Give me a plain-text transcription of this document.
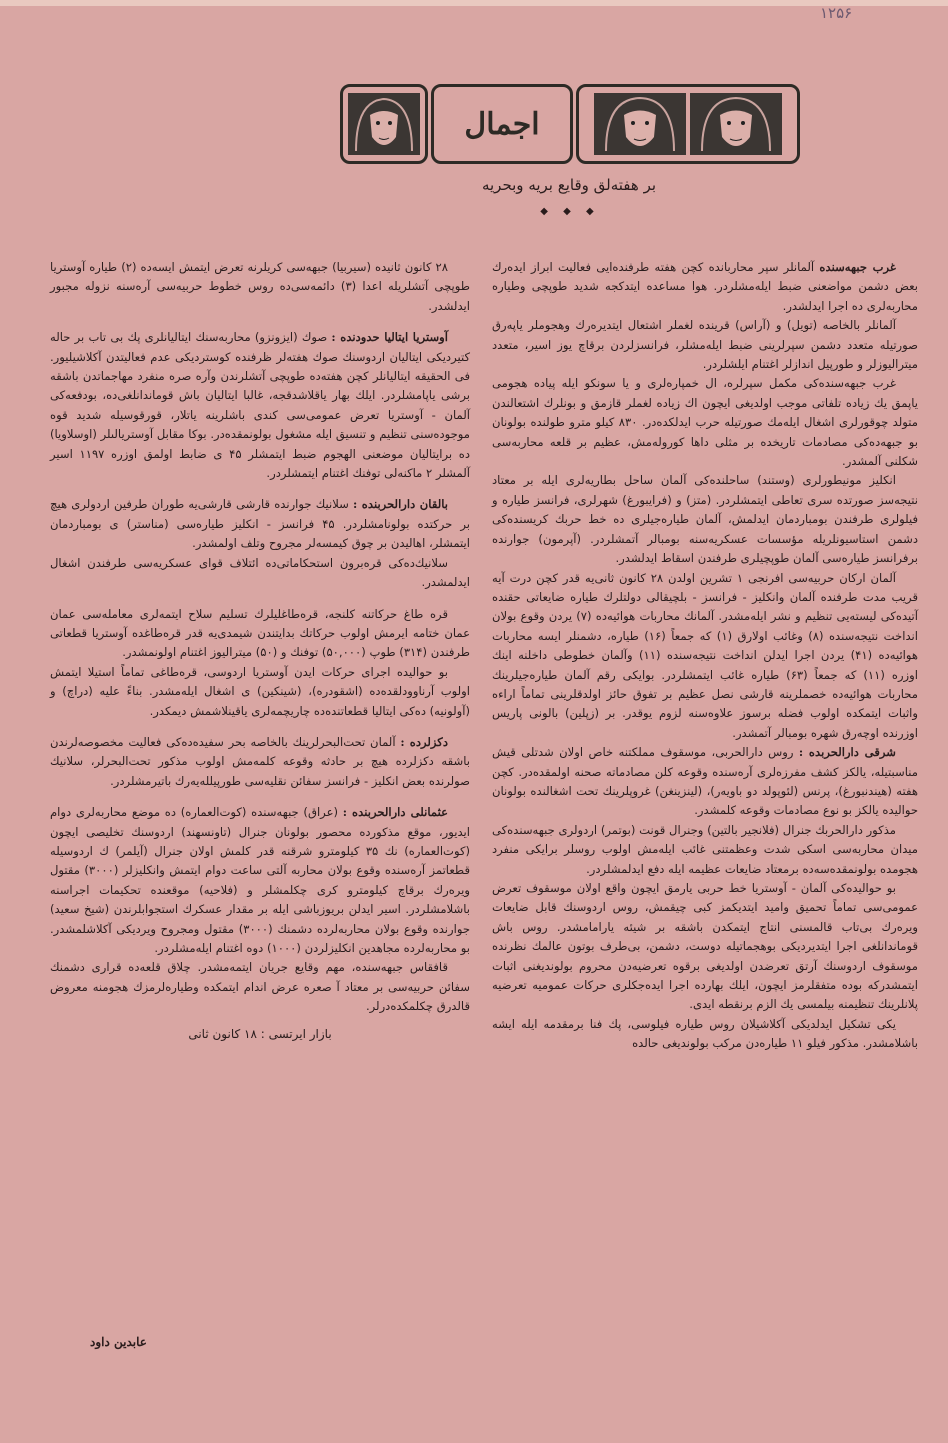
۱۲۵۶
اجمال
بر هفته‌لق وقايع بريه وبحريه
◆ ◆ ◆

غرب جبهه‌سنده آلمانلر سپر محاربانده كچن هفته طرفنده‌ايى فعاليت ابراز ايده‌رك بعض دشمن مواضعنى ضبط ايله‌مشلردر. هوا مساعده ايتدكجه شديد طوپچى وطياره محاربه‌لرى ده اجرا ايدلشدر.

آلمانلر بالخاصه (تويل) و (آراس) قرينده لغملر اشتعال ايتديره‌رك وهجوملر ياپه‌رق صورتيله متعدد دشمن سپرلرينى ضبط ايله‌مشلر، فرانسزلردن برقاچ يوز اسير، متعدد ميتراليوزلر و طورپيل اندازلر اغتنام ايلشلردر.

غرب جبهه‌سنده‌كى مكمل سپرلره، ال خمپاره‌لرى و يا سونكو ايله پياده هجومى ياپمق يك زياده تلفاتى موجب اولديغى ايچون اك زياده لغملر قازمق و بونلرك اشتعالندن متولد چوقورلرى اشغال ايله‌مك صورتيله حرب ايدلكده‌در. ۸۳۰ كيلو مترو طولنده بولونان بو جبهه‌ده‌كى مصادمات تاريخده بر مثلى داها كوروله‌مش، عظيم بر قلعه محاربه‌سى شكلنى آلمشدر.

انكليز مونيطورلرى (وستند) ساحلنده‌كى آلمان ساحل بطاريه‌لرى ايله بر معتاد نتيجه‌سز صورتده سرى تعاطى ايتمشلردر. (متز) و (فرايبورغ) شهرلرى، فرانسز طياره و فيلولرى طرفندن بومباردمان ايدلمش، آلمان طياره‌جيلرى ده خط حربك كريسنده‌كى دشمن استاسيونلريله مؤسسات عسكريه‌سنه بومبالر آتمشلردر. (آپرمون) جوارنده برفرانسز طياره‌سى آلمان طوپچيلرى طرفندن اسقاط ايدلشدر.

آلمان اركان حربيه‌سى افرنجى ۱ تشرين اولدن ۲۸ كانون ثانى‌يه قدر كچن درت آيه قريب مدت طرفنده آلمان وانكليز - فرانسز - بلچيقالى دولتلرك طياره ضايعاتى حقنده آتيده‌كى ليسته‌يى تنظيم و نشر ايله‌مشدر. آلمانك محاربات هوائيه‌ده (۷) يردن وقوع بولان انداخت نتيجه‌سنده (۸) وغائب اولارق (۱) كه جمعاً (۱۶) طياره، دشمنلر ايسه محاربات هوائيه‌ده (۴۱) يردن اجرا ايدلن انداخت نتيجه‌سنده (۱۱) وآلمان خطوطى داخلنه اينك اوزره (۱۱) كه جمعاً (۶۳) طياره غائب ايتمشلردر. بوايكى رقم آلمان طياره‌جيلرينك محاربات هوائيه‌ده خصملرينه قارشى نصل عظيم بر تفوق حائز اولدقلرينى تماماً اراءه واثبات ايتمكده اولوب فضله برسوز علاوه‌سنه لزوم يوقدر. بر (زپلين) بالونى پاريس اوزرنده اوچه‌رق شهره بومبالر آتمشدر.

شرقى دارالحربده : روس دارالحربى، موسقوف مملكتنه خاص اولان شدتلى قيش مناسبتيله، يالكز كشف مفرزه‌لرى آره‌سنده وقوعه كلن مصادماته صحنه اولمقده‌در. كچن هفته (هيندنبورغ)، پرنس (لئوپولد دو باويه‌ر)، (لينزينغن) غروپلرينك تحت اشغالنده بولونان حواليده يالكز بو نوع مصادمات وقوعه كلمشدر.

مذكور دارالحربك جنرال (فلانجير بالتين) وجنرال قونت (بوتمر) اردولرى جبهه‌سنده‌كى ميدان محاربه‌سى اسكى شدت وعظمتنى غائب ايله‌مش اولوب روسلر برايكى منفرد هجومده بولونمقده‌سه‌ده برمعتاد ضايعات عظيمه ايله دفع ايدلمشلردر.

بو حواليده‌كى آلمان - آوستريا خط حربى يارمق ايچون واقع اولان موسقوف تعرض عمومى‌سى تماماً تحميق واميد ايتديكمز كبى چيقمش، روس اردوسنك قابل ضايعات ويره‌رك بى‌تاب قالمسنى انتاج ايتمكدن باشقه بر شيئه يارامامشدر. روس باش قوماندانلغى اجرا ايتديرديكى بوهجماتيله دوست، دشمن، بى‌طرف بوتون عالمك نظرنده موسقوف اردوسنك آرتق تعرضدن اولديغى برقوه تعرضيه‌دن محروم بولونديغنى اثبات ايتمشدركه بوده متفقلرمز ايچون، ايلك بهارده اجرا ايده‌جكلرى حركات عموميه تعرضيه پلانلرينك تنظيمنه بيلمسى يك الزم برنقطه ايدى.

يكى تشكيل ايدلديكى آكلاشيلان روس طياره فيلوسى، پك فنا برمقدمه ايله ايشه باشلامشدر. مذكور فيلو ۱۱ طياره‌دن مركب بولونديغى حالده

۲۸ كانون ثانيده (سيربيا) جبهه‌سى كريلرنه تعرض ايتمش ايسه‌ده (۲) طياره آوستريا طوپچى آتشلريله اعدا (۳) دائمه‌سى‌ده روس خطوط حربيه‌سى آره‌سنه نزوله مجبور ايدلشدر.

آوستريا ايتاليا حدودنده : صوك (ايزونزو) محاربه‌سنك ايتاليانلرى پك بى تاب بر حاله كتيرديكى ايتاليان اردوسنك صوك هفته‌لر ظرفنده كوسترديكى عدم فعاليتدن آكلاشيليور. فى الحقيقه ايتاليانلر كچن هفته‌ده طوپچى آتشلرندن وآره صره منفرد مهاجماتدن باشقه برشى ياپامشلردر. ايلك بهار ياقلاشدقجه، غالبا ايتاليان باش قوماندانلغى‌ده، بودفعه‌كى آلمان - آوستريا تعرض عمومى‌سى كندى باشلرينه ياتلار، قورقوسيله شديد قوه موجوده‌سنى تنظيم و تنسيق ايله مشغول بولونمقده‌در. بوكا مقابل آوستريالىلر (اوسلاويا) ده برايتاليان موضعنى الهجوم ضبط ايتمشلر ۴۵ ى ضابط اولمق اوزره ۱۱۹۷ اسير آلمشلر ۲ ماكنه‌لى توفنك اغتنام ايتمشلردر.

بالقان دارالحربنده : سلانيك جوارنده قارشى قارشى‌يه طوران طرفين اردولرى هيچ بر حركتده بولونامشلردر. ۴۵ فرانسز - انكليز طياره‌سى (مناستر) ى بومباردمان ايتمشلر، اهاليدن بر چوق كيمسه‌لر مجروح وتلف اولمشدر.

سلانيك‌ده‌كى قره‌برون استحكاماتى‌ده ائتلاف قواى عسكريه‌سى طرفندن اشغال ايدلمشدر.

قره طاغ حركاتنه كلنجه، قره‌طاغليلرك تسليم سلاح ايتمه‌لرى معامله‌سى عمان عمان ختامه ايرمش اولوب حركاتك بدايتندن شيمدى‌يه قدر قره‌طاغده آوستريا قطعاتى طرفندن (۳۱۴) طوپ (۵۰,۰۰۰) توفنك و (۵۰) ميترالیوز اغتنام اولونمشدر.

بو حواليده اجراى حركات ايدن آوستريا اردوسى، قره‌طاغى تماماً استيلا ايتمش اولوب آرناوودلقده‌ده (اشقودره)، (شينكين) ى اشغال ايله‌مشدر. بناءً عليه (دراچ) و (آولونيه) ده‌كى ايتاليا قطعاتنده‌ده چاريچمه‌لرى ياقينلاشمش ديمكدر.

دكزلرده : آلمان تحت‌البحرلرينك بالخاصه بحر سفيده‌ده‌كى فعاليت مخصوصه‌لرندن باشقه دكزلرده هيچ بر حادثه وقوعه كلمه‌مش اولوب مذكور تحت‌البحرلر، سلانيك صولرنده بعض انكليز - فرانسز سفائن نقليه‌سى طورپيلله‌يه‌رك باتيرمشلردر.

عثمانلى دارالحربنده : (عراق) جبهه‌سنده (كوت‌العماره) ده موضع محاربه‌لرى دوام ايديور، موقع مذكورده محصور بولونان جنرال (تاونسهند) اردوسنك تخليصى ايچون (كوت‌العماره) نك ۳۵ كيلومترو شرقنه قدر كلمش اولان جنرال (آيلمر) ك اردوسيله قطعاتمز آره‌سنده وقوع بولان محاربه آلتى ساعت دوام ايتمش وانكليزلر (۳۰۰۰) مقتول ويره‌رك برقاچ كيلومترو كرى چكلمشلر و (فلاحيه) موقعنده تحكيمات اجراسنه باشلامشلردر. اسير ايدلن بريوزباشى ايله بر مقدار عسكرك استجوابلرندن (شيخ سعيد) جوارنده وقوع بولان محاربه‌لرده دشمنك (۳۰۰۰) مقتول ومجروح ويرديكى آكلاشلمشدر. بو محاربه‌لرده مجاهدين انكليزلردن (۱۰۰۰) دوه اغتنام ايله‌مشلردر.

قافقاس جبهه‌سنده، مهم وقايع جريان ايتمه‌مشدر. چلاق قلعه‌ده قرارى دشمنك سفائن حربيه‌سى بر معتاد آ صعره عرض اندام ايتمكده وطياره‌لرمزك هجومنه معروض قالدرق چكلمكده‌درلر.

بازار ايرتسى : ۱۸ كانون ثانى
عابدين داود
